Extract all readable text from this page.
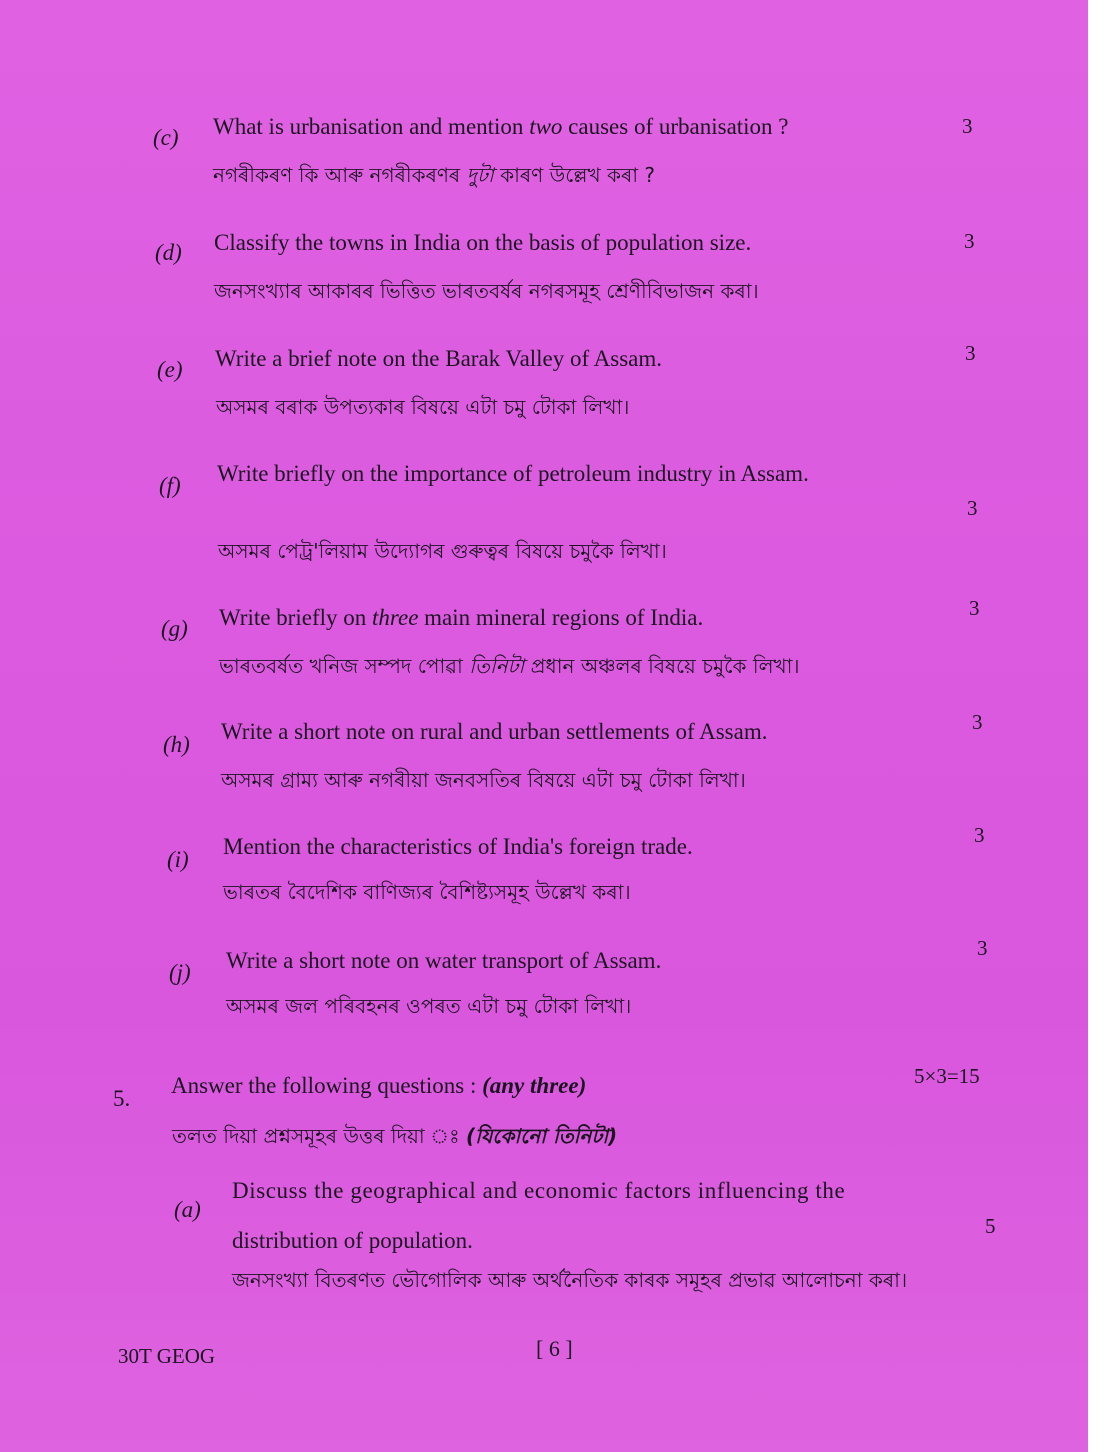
(c) What is urbanisation and mention two causes of urbanisation ?	3
নগৰীকৰণ কি আৰু নগৰীকৰণৰ দুটা কাৰণ উল্লেখ কৰা ?
(d) Classify the towns in India on the basis of population size.	3
জনসংখ্যাৰ আকাৰৰ ভিত্তিত ভাৰতবৰ্ষৰ নগৰসমূহ শ্ৰেণীবিভাজন কৰা।
(e) Write a brief note on the Barak Valley of Assam.	3
অসমৰ বৰাক উপত্যকাৰ বিষয়ে এটা চমু টোকা লিখা।
(f) Write briefly on the importance of petroleum industry in Assam.
3
অসমৰ পেট্ৰ'লিয়াম উদ্যোগৰ গুৰুত্বৰ বিষয়ে চমুকৈ লিখা।
(g) Write briefly on three main mineral regions of India.	3
ভাৰতবৰ্ষত খনিজ সম্পদ পোৱা তিনিটা প্ৰধান অঞ্চলৰ বিষয়ে চমুকৈ লিখা।
(h)
Write a short note on rural and urban settlements of Assam.	3
অসমৰ গ্ৰাম্য আৰু নগৰীয়া জনবসতিৰ বিষয়ে এটা চমু টোকা লিখা।
(i)
Mention the characteristics of India's foreign trade.	3
ভাৰতৰ বৈদেশিক বাণিজ্যৰ বৈশিষ্ট্যসমূহ উল্লেখ কৰা।
(j) Write a short note on water transport of Assam.	3
অসমৰ জল পৰিবহনৰ ওপৰত এটা চমু টোকা লিখা।
5.
Answer the following questions : (any three)	5×3=15
তলত দিয়া প্ৰশ্নসমূহৰ উত্তৰ দিয়া ঃ (যিকোনো তিনিটা)
(a)
Discuss the geographical and economic factors influencing the
distribution of population.
5
জনসংখ্যা বিতৰণত ভৌগোলিক আৰু অৰ্থনৈতিক কাৰক সমূহৰ প্ৰভাৱ আলোচনা কৰা।
30T GEOG	[ 6 ]
